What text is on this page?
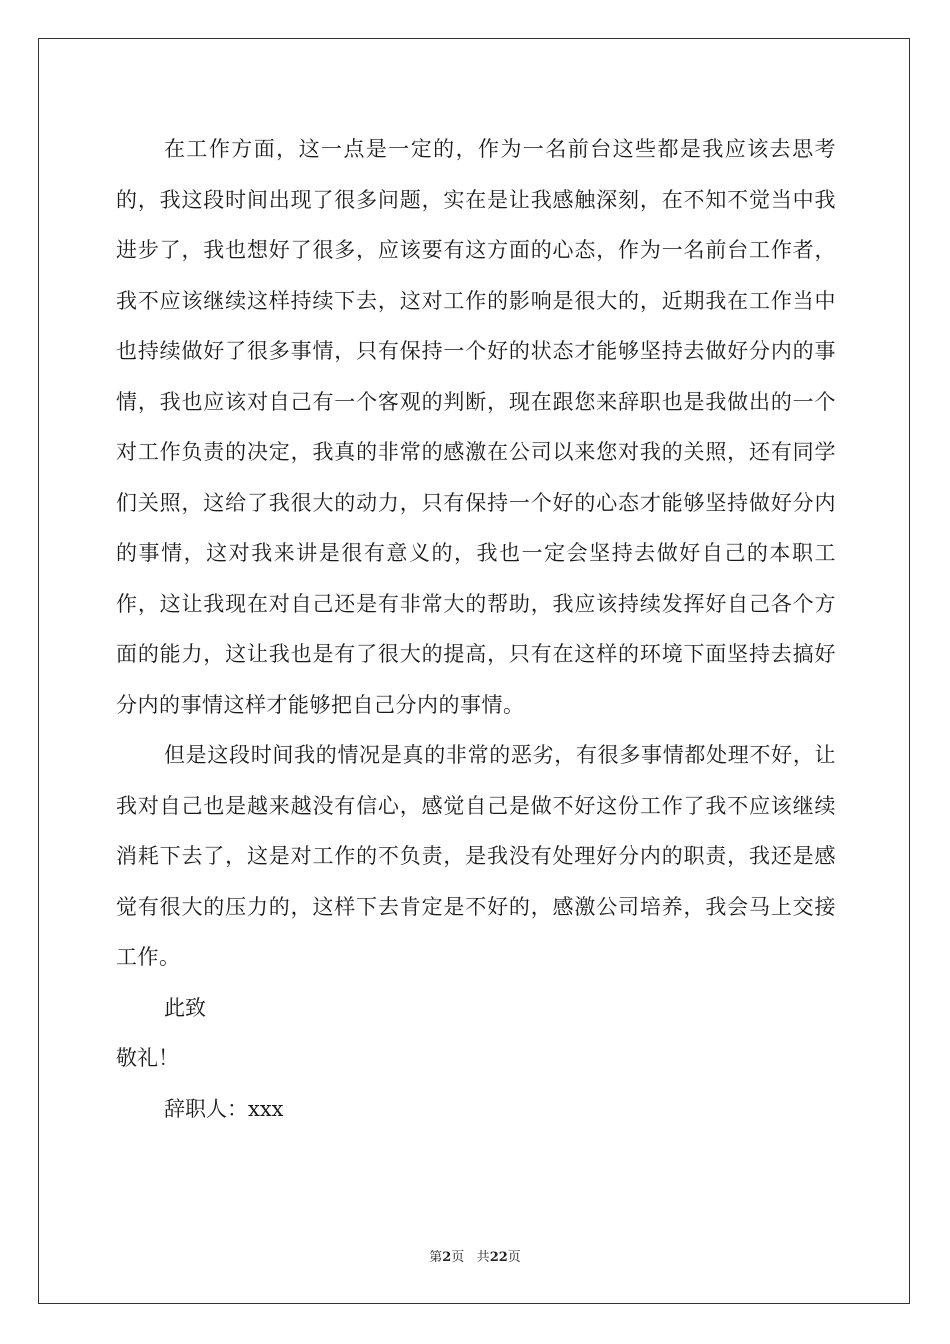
在工作方面，这一点是一定的，作为一名前台这些都是我应该去思考的，我这段时间出现了很多问题，实在是让我感触深刻，在不知不觉当中我进步了，我也想好了很多，应该要有这方面的心态，作为一名前台工作者，我不应该继续这样持续下去，这对工作的影响是很大的，近期我在工作当中也持续做好了很多事情，只有保持一个好的状态才能够坚持去做好分内的事情，我也应该对自己有一个客观的判断，现在跟您来辞职也是我做出的一个对工作负责的决定，我真的非常的感激在公司以来您对我的关照，还有同学们关照，这给了我很大的动力，只有保持一个好的心态才能够坚持做好分内的事情，这对我来讲是很有意义的，我也一定会坚持去做好自己的本职工作，这让我现在对自己还是有非常大的帮助，我应该持续发挥好自己各个方面的能力，这让我也是有了很大的提高，只有在这样的环境下面坚持去搞好分内的事情这样才能够把自己分内的事情。

但是这段时间我的情况是真的非常的恶劣，有很多事情都处理不好，让我对自己也是越来越没有信心，感觉自己是做不好这份工作了我不应该继续消耗下去了，这是对工作的不负责，是我没有处理好分内的职责，我还是感觉有很大的压力的，这样下去肯定是不好的，感激公司培养，我会马上交接工作。

此致

敬礼！

辞职人：xxx

第2页 共22页
